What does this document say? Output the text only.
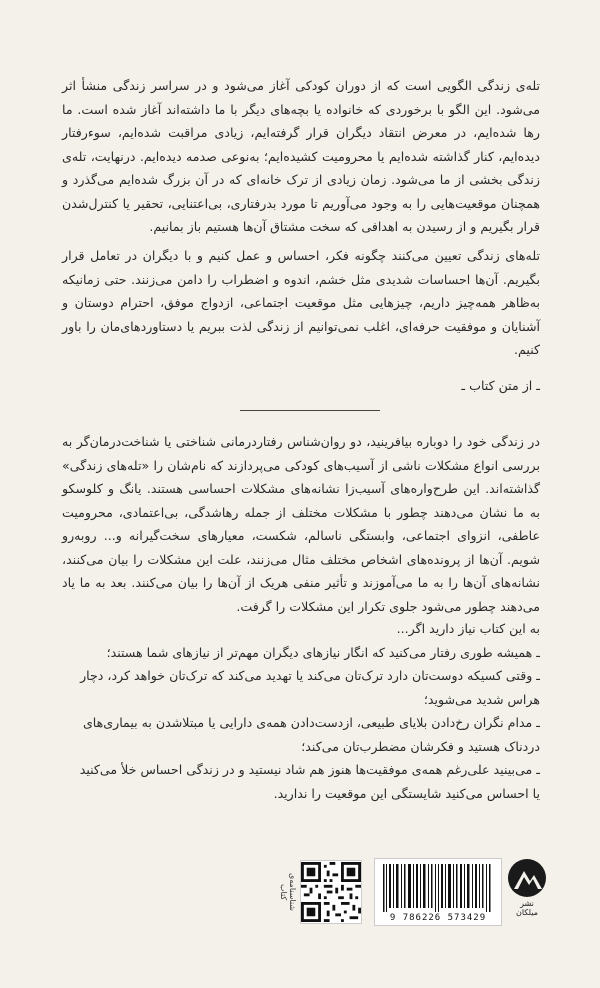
تله‌ی زندگی الگویی است که از دوران کودکی آغاز می‌شود و در سراسر زندگی منشأ اثر می‌شود. این الگو با برخوردی که خانواده یا بچه‌های دیگر با ما داشته‌اند آغاز شده است. ما رها شده‌ایم، در معرض انتقاد دیگران قرار گرفته‌ایم، زیادی مراقبت شده‌ایم، سوءرفتار دیده‌ایم، کنار گذاشته شده‌ایم یا محرومیت کشیده‌ایم؛ به‌نوعی صدمه دیده‌ایم. درنهایت، تله‌ی زندگی بخشی از ما می‌شود. زمان زیادی از ترک خانه‌ای که در آن بزرگ شده‌ایم می‌گذرد و همچنان موقعیت‌هایی را به وجود می‌آوریم تا مورد بدرفتاری، بی‌اعتنایی، تحقیر یا کنترل‌شدن قرار بگیریم و از رسیدن به اهدافی که سخت مشتاق آن‌ها هستیم باز بمانیم.
تله‌های زندگی تعیین می‌کنند چگونه فکر، احساس و عمل کنیم و با دیگران در تعامل قرار بگیریم. آن‌ها احساسات شدیدی مثل خشم، اندوه و اضطراب را دامن می‌زنند. حتی زمانیکه به‌ظاهر همه‌چیز داریم، چیزهایی مثل موقعیت اجتماعی، ازدواج موفق، احترام دوستان و آشنایان و موفقیت حرفه‌ای، اغلب نمی‌توانیم از زندگی لذت ببریم یا دستاوردهای‌مان را باور کنیم.
ـ از متن کتاب ـ
در زندگی خود را دوباره بیافرینید، دو روان‌شناس رفتاردرمانی شناختی یا شناخت‌درمان‌گر به بررسی انواع مشکلات ناشی از آسیب‌های کودکی می‌پردازند که نام‌شان را «تله‌های زندگی» گذاشته‌اند. این طرح‌واره‌های آسیب‌زا نشانه‌های مشکلات احساسی هستند. یانگ و کلوسکو به ما نشان می‌دهند چطور با مشکلات مختلف از جمله رهاشدگی، بی‌اعتمادی، محرومیت عاطفی، انزوای اجتماعی، وابستگی ناسالم، شکست، معیارهای سخت‌گیرانه و... روبه‌رو شویم. آن‌ها از پرونده‌های اشخاص مختلف مثال می‌زنند، علت این مشکلات را بیان می‌کنند، نشانه‌های آن‌ها را به ما می‌آموزند و تأثیر منفی هریک از آن‌ها را بیان می‌کنند. بعد به ما یاد می‌دهند چطور می‌شود جلوی تکرار این مشکلات را گرفت.
به این کتاب نیاز دارید اگر...
ـ همیشه طوری رفتار می‌کنید که انگار نیازهای دیگران مهم‌تر از نیازهای شما هستند؛
ـ وقتی کسیکه دوست‌تان دارد ترک‌تان می‌کند یا تهدید می‌کند که ترک‌تان خواهد کرد، دچار
هراس شدید می‌شوید؛
ـ مدام نگران رخ‌دادن بلایای طبیعی، ازدست‌دادن همه‌ی دارایی یا مبتلاشدن به بیماری‌های
دردناک هستید و فکرشان مضطرب‌تان می‌کند؛
ـ می‌بینید علی‌رغم همه‌ی موفقیت‌ها هنوز هم شاد نیستید و در زندگی احساس خلأ می‌کنید
یا احساس می‌کنید شایستگی این موقعیت را ندارید.
شناسنامه‌ی کتاب
9 786226 573429
نشر میلکان
